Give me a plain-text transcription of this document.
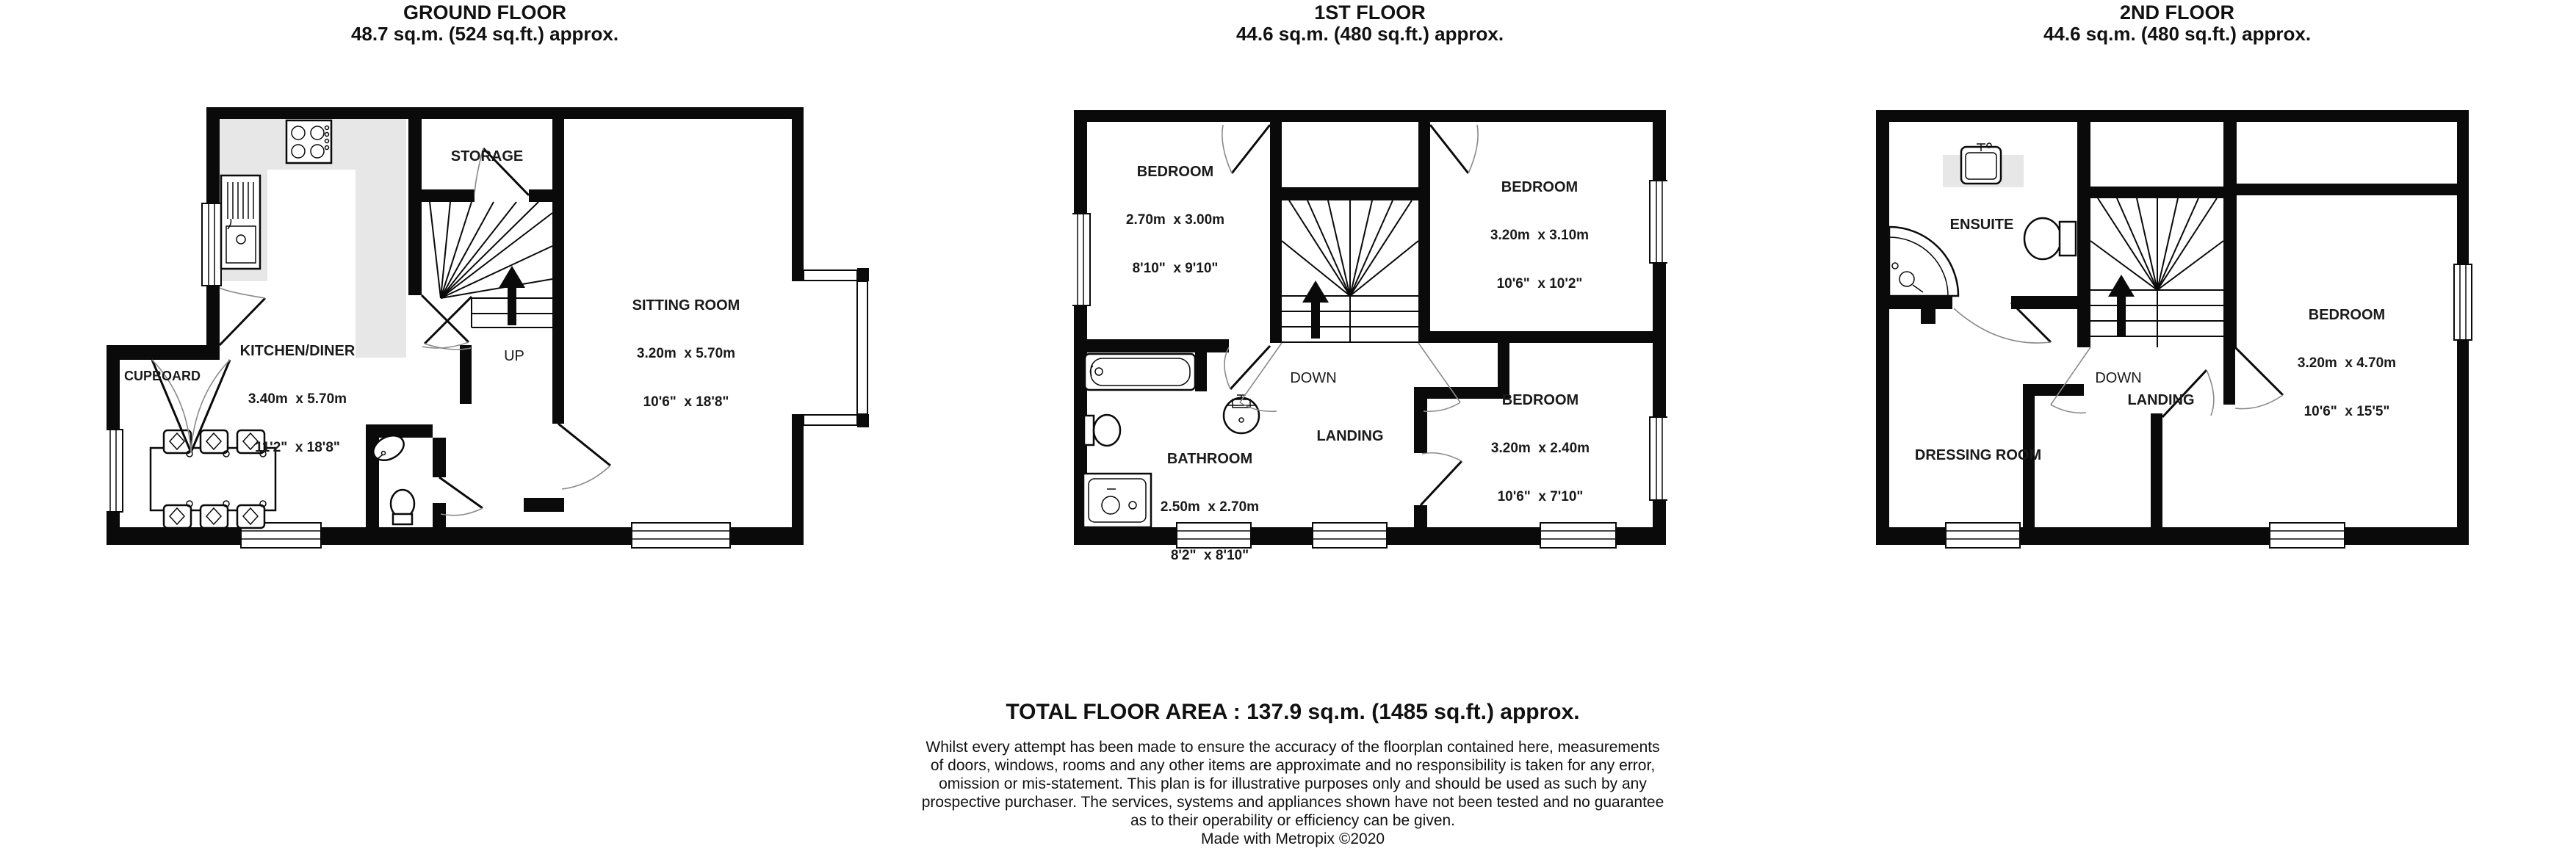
GROUND FLOOR
48.7 sq.m. (524 sq.ft.) approx.
1ST FLOOR
44.6 sq.m. (480 sq.ft.) approx.
2ND FLOOR
44.6 sq.m. (480 sq.ft.) approx.
STORAGE
CUPBOARD
UP

KITCHEN/DINER

3.40m  x 5.70m

11'2"  x 18'8"

SITTING ROOM

3.20m  x 5.70m

10'6"  x 18'8"

BEDROOM

2.70m  x 3.00m

8'10"  x 9'10"

BEDROOM

3.20m  x 3.10m

10'6"  x 10'2"

BEDROOM

3.20m  x 2.40m

10'6"  x 7'10"

BATHROOM

2.50m  x 2.70m

8'2"  x 8'10"

DOWN
LANDING
ENSUITE
DRESSING ROOM

BEDROOM

3.20m  x 4.70m

10'6"  x 15'5"

DOWN
LANDING
TOTAL FLOOR AREA : 137.9 sq.m. (1485 sq.ft.) approx.
Whilst every attempt has been made to ensure the accuracy of the floorplan contained here, measurements
of doors, windows, rooms and any other items are approximate and no responsibility is taken for any error,
omission or mis-statement. This plan is for illustrative purposes only and should be used as such by any
prospective purchaser. The services, systems and appliances shown have not been tested and no guarantee
as to their operability or efficiency can be given.
Made with Metropix ©2020
